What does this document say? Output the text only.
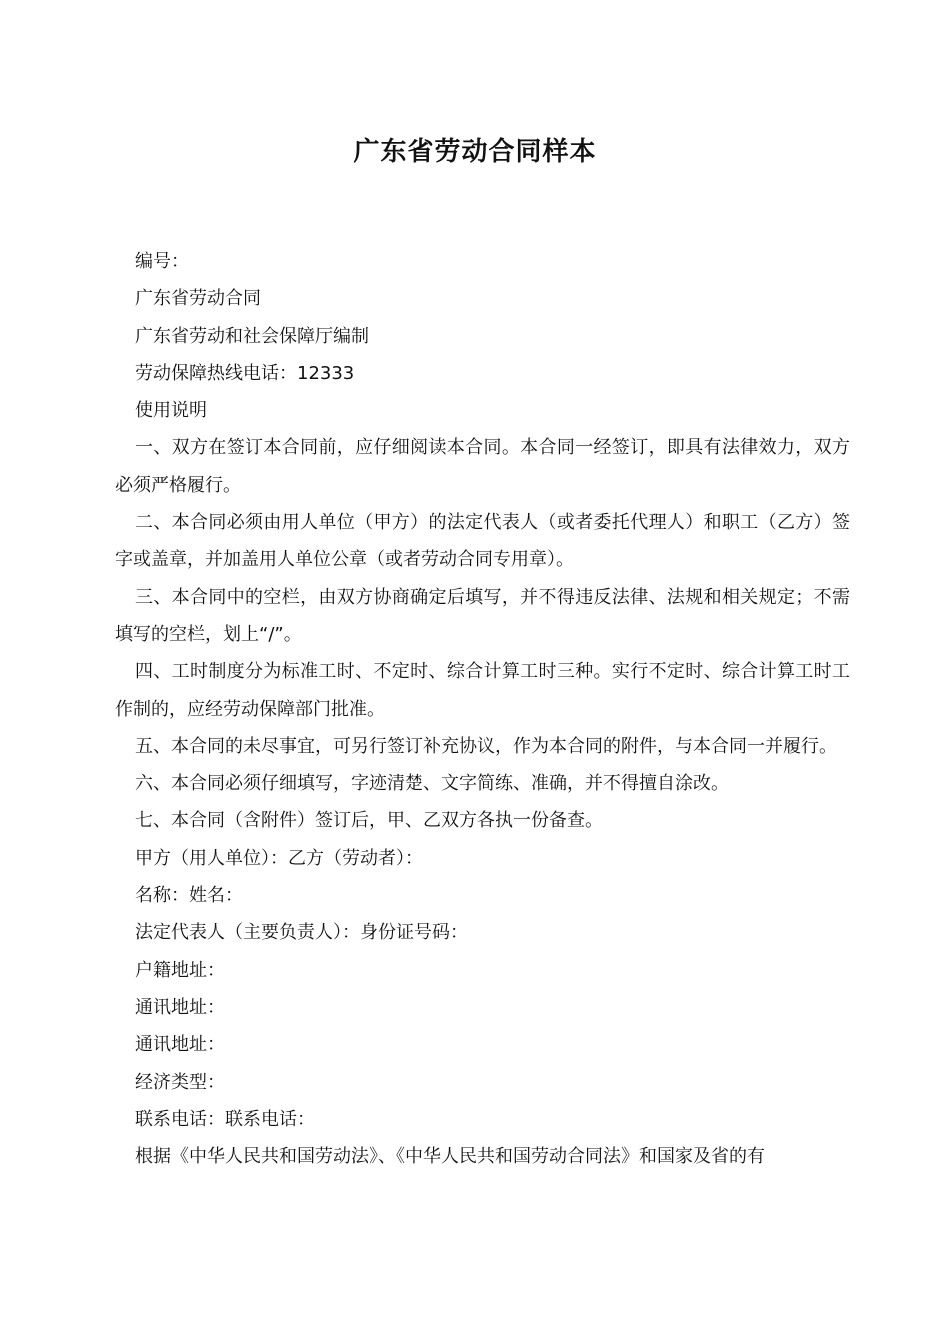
广东省劳动合同样本

编号：

广东省劳动合同

广东省劳动和社会保障厅编制

劳动保障热线电话：12333

使用说明

一、双方在签订本合同前，应仔细阅读本合同。本合同一经签订，即具有法律效力，双方必须严格履行。

二、本合同必须由用人单位（甲方）的法定代表人（或者委托代理人）和职工（乙方）签字或盖章，并加盖用人单位公章（或者劳动合同专用章）。

三、本合同中的空栏，由双方协商确定后填写，并不得违反法律、法规和相关规定；不需填写的空栏，划上“/”。

四、工时制度分为标准工时、不定时、综合计算工时三种。实行不定时、综合计算工时工作制的，应经劳动保障部门批准。

五、本合同的未尽事宜，可另行签订补充协议，作为本合同的附件，与本合同一并履行。

六、本合同必须仔细填写，字迹清楚、文字简练、准确，并不得擅自涂改。

七、本合同（含附件）签订后，甲、乙双方各执一份备查。

甲方（用人单位）：乙方（劳动者）：

名称：姓名：

法定代表人（主要负责人）：身份证号码：

户籍地址：

通讯地址：

通讯地址：

经济类型：

联系电话：联系电话：

根据《中华人民共和国劳动法》、《中华人民共和国劳动合同法》和国家及省的有
